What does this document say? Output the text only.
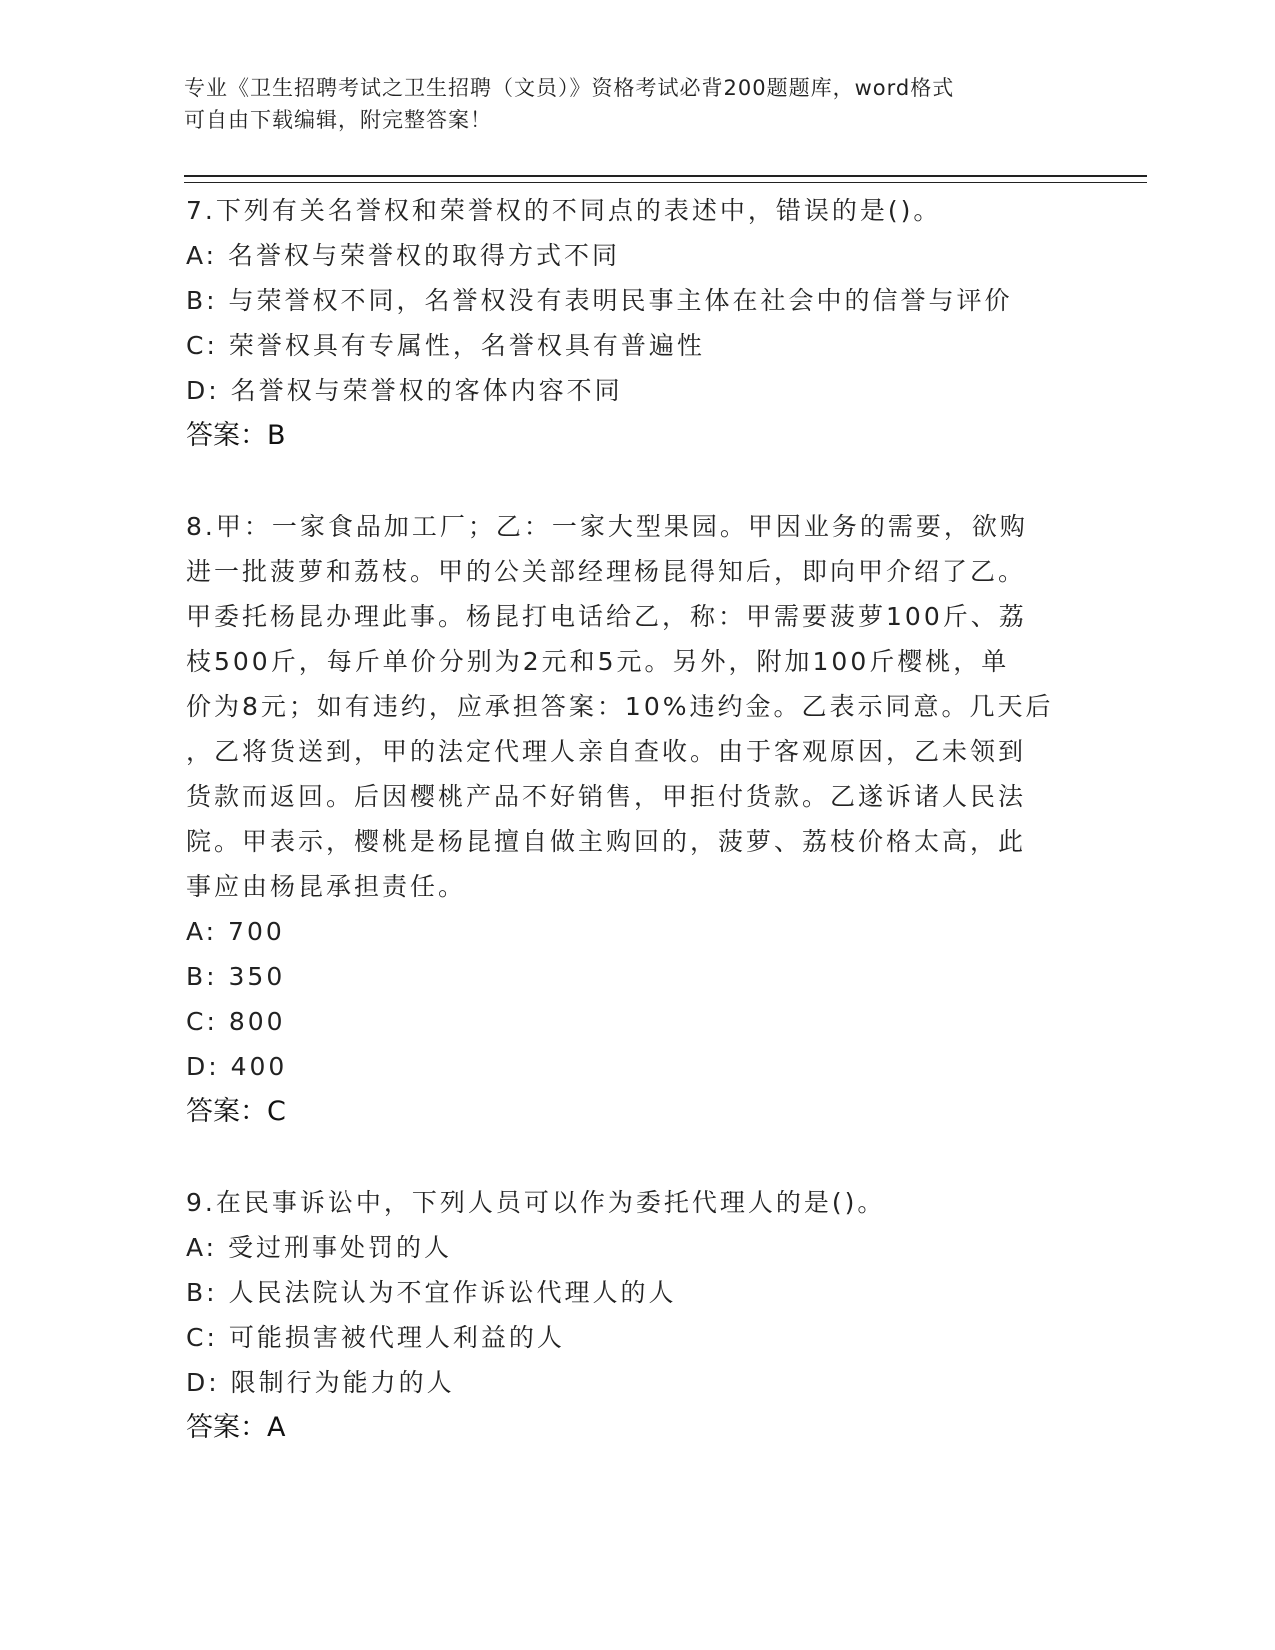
专业《卫生招聘考试之卫生招聘（文员）》资格考试必背200题题库，word格式
可自由下载编辑，附完整答案！
7.下列有关名誉权和荣誉权的不同点的表述中，错误的是()。
A: 名誉权与荣誉权的取得方式不同
B: 与荣誉权不同，名誉权没有表明民事主体在社会中的信誉与评价
C: 荣誉权具有专属性，名誉权具有普遍性
D: 名誉权与荣誉权的客体内容不同
答案：B
8.甲：一家食品加工厂；乙：一家大型果园。甲因业务的需要，欲购
进一批菠萝和荔枝。甲的公关部经理杨昆得知后，即向甲介绍了乙。
甲委托杨昆办理此事。杨昆打电话给乙，称：甲需要菠萝100斤、荔
枝500斤，每斤单价分别为2元和5元。另外，附加100斤樱桃，单
价为8元；如有违约，应承担答案：10%违约金。乙表示同意。几天后
，乙将货送到，甲的法定代理人亲自查收。由于客观原因，乙未领到
货款而返回。后因樱桃产品不好销售，甲拒付货款。乙遂诉诸人民法
院。甲表示，樱桃是杨昆擅自做主购回的，菠萝、荔枝价格太高，此
事应由杨昆承担责任。
A: 700
B: 350
C: 800
D: 400
答案：C
9.在民事诉讼中，下列人员可以作为委托代理人的是()。
A: 受过刑事处罚的人
B: 人民法院认为不宜作诉讼代理人的人
C: 可能损害被代理人利益的人
D: 限制行为能力的人
答案：A
